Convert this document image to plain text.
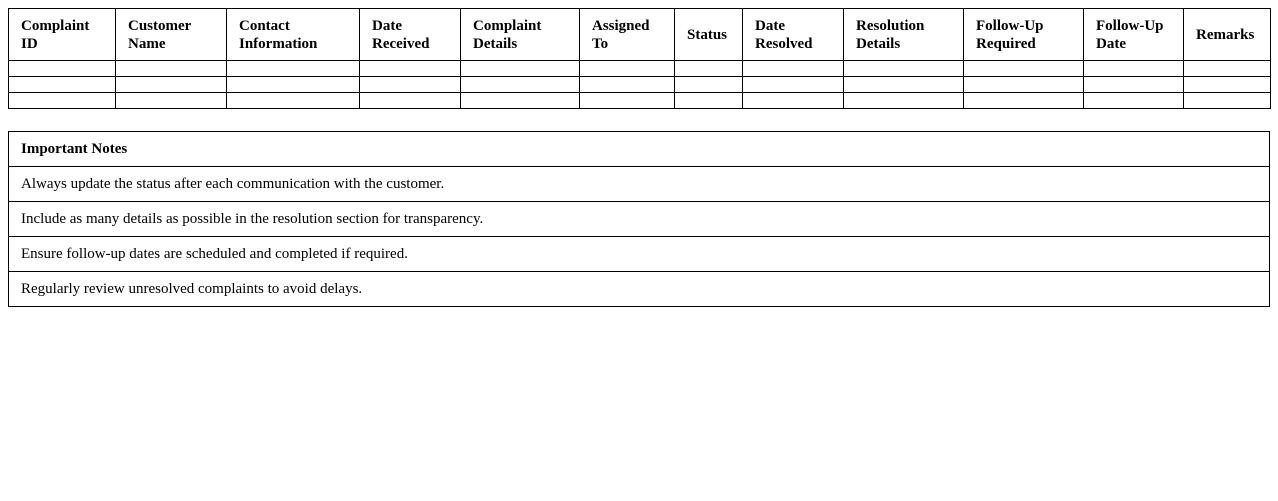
Complaint ID	Customer Name	Contact Information	Date Received	Complaint Details	Assigned To	Status	Date Resolved	Resolution Details	Follow-Up Required	Follow-Up Date	Remarks

Important Notes
Always update the status after each communication with the customer.
Include as many details as possible in the resolution section for transparency.
Ensure follow-up dates are scheduled and completed if required.
Regularly review unresolved complaints to avoid delays.
